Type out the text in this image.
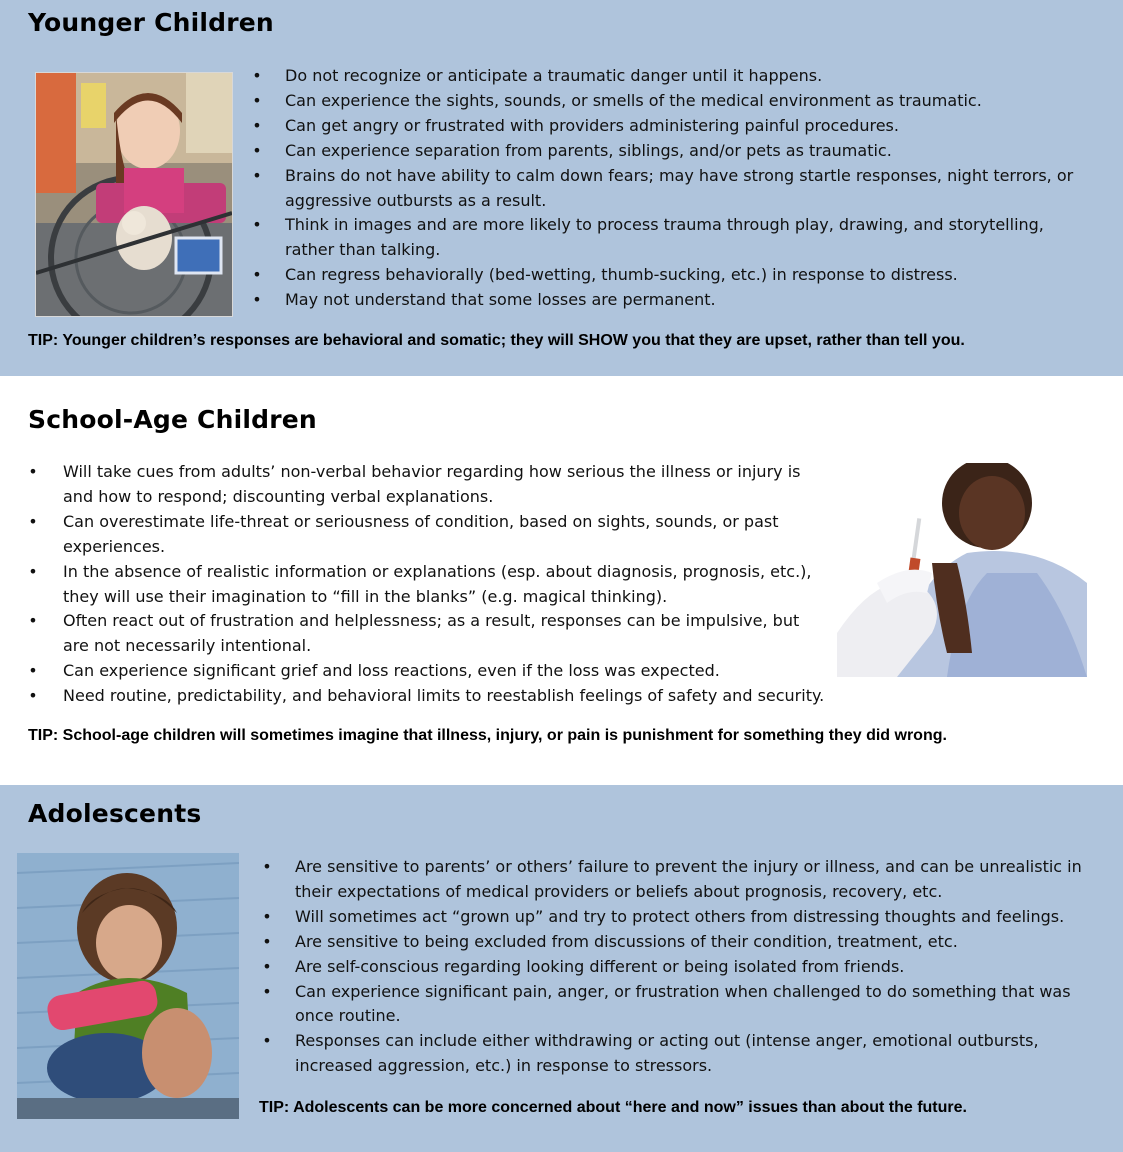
Younger Children
• Do not recognize or anticipate a traumatic danger until it happens.
• Can experience the sights, sounds, or smells of the medical environment as traumatic.
• Can get angry or frustrated with providers administering painful procedures.
• Can experience separation from parents, siblings, and/or pets as traumatic.
• Brains do not have ability to calm down fears; may have strong startle responses, night terrors, or aggressive outbursts as a result.
• Think in images and are more likely to process trauma through play, drawing, and storytelling, rather than talking.
• Can regress behaviorally (bed-wetting, thumb-sucking, etc.) in response to distress.
• May not understand that some losses are permanent.
TIP: Younger children’s responses are behavioral and somatic; they will SHOW you that they are upset, rather than tell you.
School-Age Children
• Will take cues from adults’ non-verbal behavior regarding how serious the illness or injury is and how to respond; discounting verbal explanations.
• Can overestimate life-threat or seriousness of condition, based on sights, sounds, or past experiences.
• In the absence of realistic information or explanations (esp. about diagnosis, prognosis, etc.), they will use their imagination to “fill in the blanks” (e.g. magical thinking).
• Often react out of frustration and helplessness; as a result, responses can be impulsive, but are not necessarily intentional.
• Can experience significant grief and loss reactions, even if the loss was expected.
• Need routine, predictability, and behavioral limits to reestablish feelings of safety and security.
TIP: School-age children will sometimes imagine that illness, injury, or pain is punishment for something they did wrong.
Adolescents
• Are sensitive to parents’ or others’ failure to prevent the injury or illness, and can be unrealistic in their expectations of medical providers or beliefs about prognosis, recovery, etc.
• Will sometimes act “grown up” and try to protect others from distressing thoughts and feelings.
• Are sensitive to being excluded from discussions of their condition, treatment, etc.
• Are self-conscious regarding looking different or being isolated from friends.
• Can experience significant pain, anger, or frustration when challenged to do something that was once routine.
• Responses can include either withdrawing or acting out (intense anger, emotional outbursts, increased aggression, etc.) in response to stressors.
TIP: Adolescents can be more concerned about “here and now” issues than about the future.
